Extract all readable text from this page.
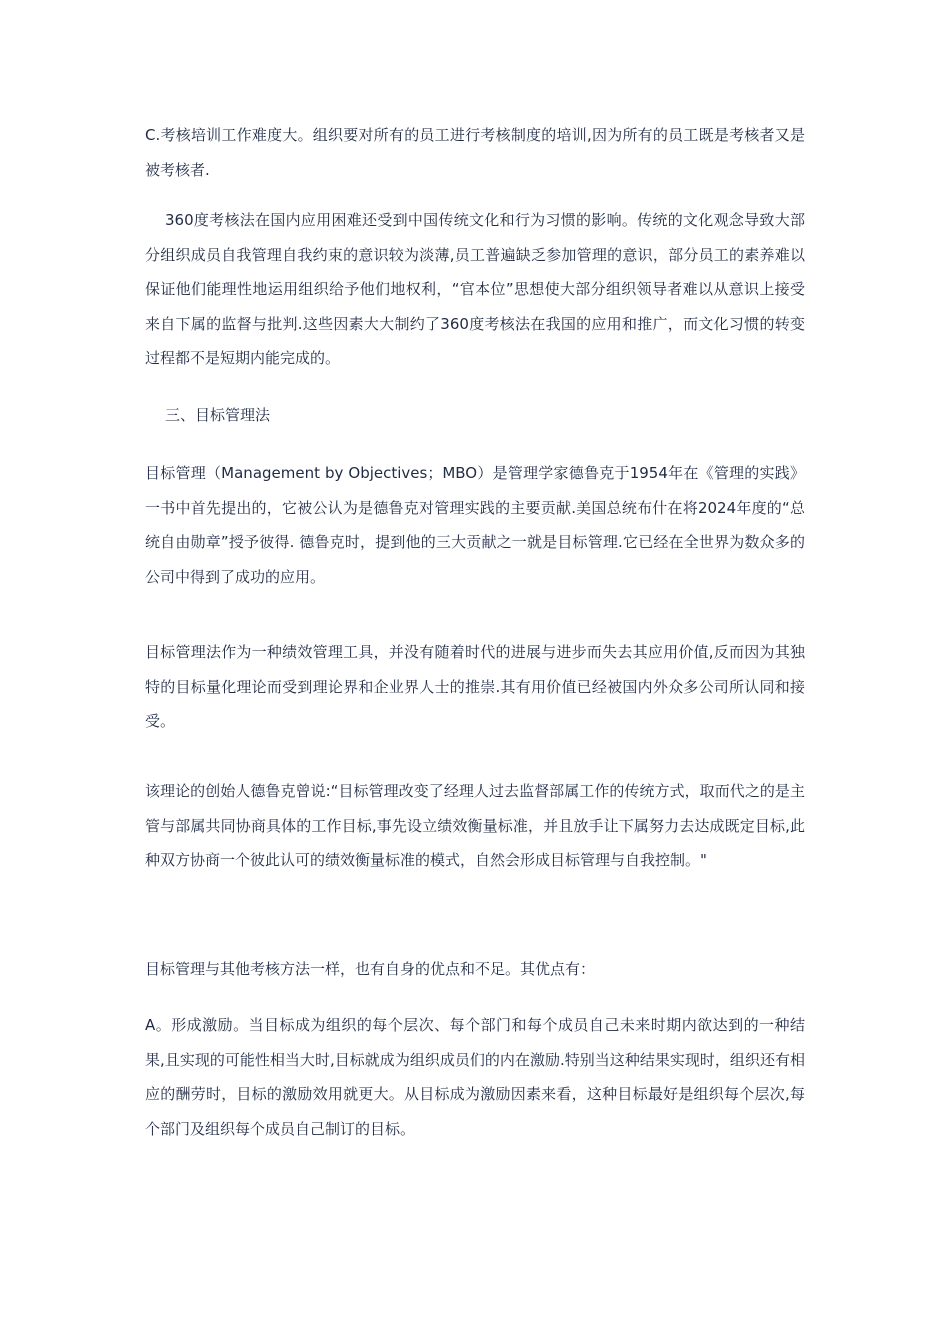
C.考核培训工作难度大。组织要对所有的员工进行考核制度的培训,因为所有的员工既是考核者又是被考核者.

360度考核法在国内应用困难还受到中国传统文化和行为习惯的影响。传统的文化观念导致大部分组织成员自我管理自我约束的意识较为淡薄,员工普遍缺乏参加管理的意识，部分员工的素养难以保证他们能理性地运用组织给予他们地权利，“官本位”思想使大部分组织领导者难以从意识上接受来自下属的监督与批判.这些因素大大制约了360度考核法在我国的应用和推广，而文化习惯的转变过程都不是短期内能完成的。

三、目标管理法

目标管理（Management by Objectives；MBO）是管理学家德鲁克于1954年在《管理的实践》一书中首先提出的，它被公认为是德鲁克对管理实践的主要贡献.美国总统布什在将2024年度的“总统自由勋章”授予彼得. 德鲁克时，提到他的三大贡献之一就是目标管理.它已经在全世界为数众多的公司中得到了成功的应用。

目标管理法作为一种绩效管理工具，并没有随着时代的进展与进步而失去其应用价值,反而因为其独特的目标量化理论而受到理论界和企业界人士的推崇.其有用价值已经被国内外众多公司所认同和接受。

该理论的创始人德鲁克曾说:“目标管理改变了经理人过去监督部属工作的传统方式，取而代之的是主管与部属共同协商具体的工作目标,事先设立绩效衡量标准，并且放手让下属努力去达成既定目标,此种双方协商一个彼此认可的绩效衡量标准的模式，自然会形成目标管理与自我控制。"

目标管理与其他考核方法一样，也有自身的优点和不足。其优点有：

A。形成激励。当目标成为组织的每个层次、每个部门和每个成员自己未来时期内欲达到的一种结果,且实现的可能性相当大时,目标就成为组织成员们的内在激励.特别当这种结果实现时，组织还有相应的酬劳时，目标的激励效用就更大。从目标成为激励因素来看，这种目标最好是组织每个层次,每个部门及组织每个成员自己制订的目标。
